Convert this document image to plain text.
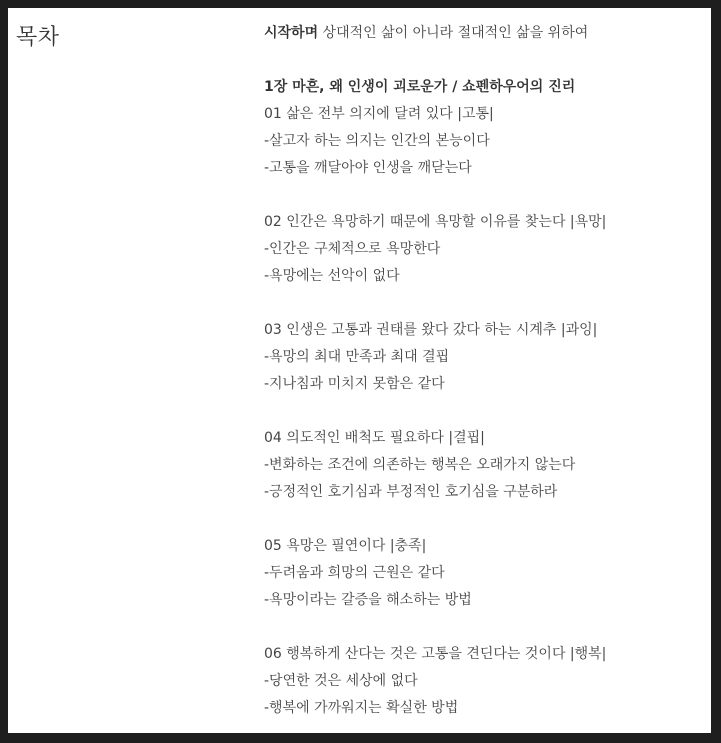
목차	시작하며 상대적인 삶이 아니라 절대적인 삶을 위하여
1장 마흔, 왜 인생이 괴로운가 / 쇼펜하우어의 진리
01 삶은 전부 의지에 달려 있다 |고통|
-살고자 하는 의지는 인간의 본능이다
-고통을 깨달아야 인생을 깨닫는다
02 인간은 욕망하기 때문에 욕망할 이유를 찾는다 |욕망|
-인간은 구체적으로 욕망한다
-욕망에는 선악이 없다
03 인생은 고통과 권태를 왔다 갔다 하는 시계추 |과잉|
-욕망의 최대 만족과 최대 결핍
-지나침과 미치지 못함은 같다
04 의도적인 배척도 필요하다 |결핍|
-변화하는 조건에 의존하는 행복은 오래가지 않는다
-긍정적인 호기심과 부정적인 호기심을 구분하라
05 욕망은 필연이다 |충족|
-두려움과 희망의 근원은 같다
-욕망이라는 갈증을 해소하는 방법
06 행복하게 산다는 것은 고통을 견딘다는 것이다 |행복|
-당연한 것은 세상에 없다
-행복에 가까워지는 확실한 방법
